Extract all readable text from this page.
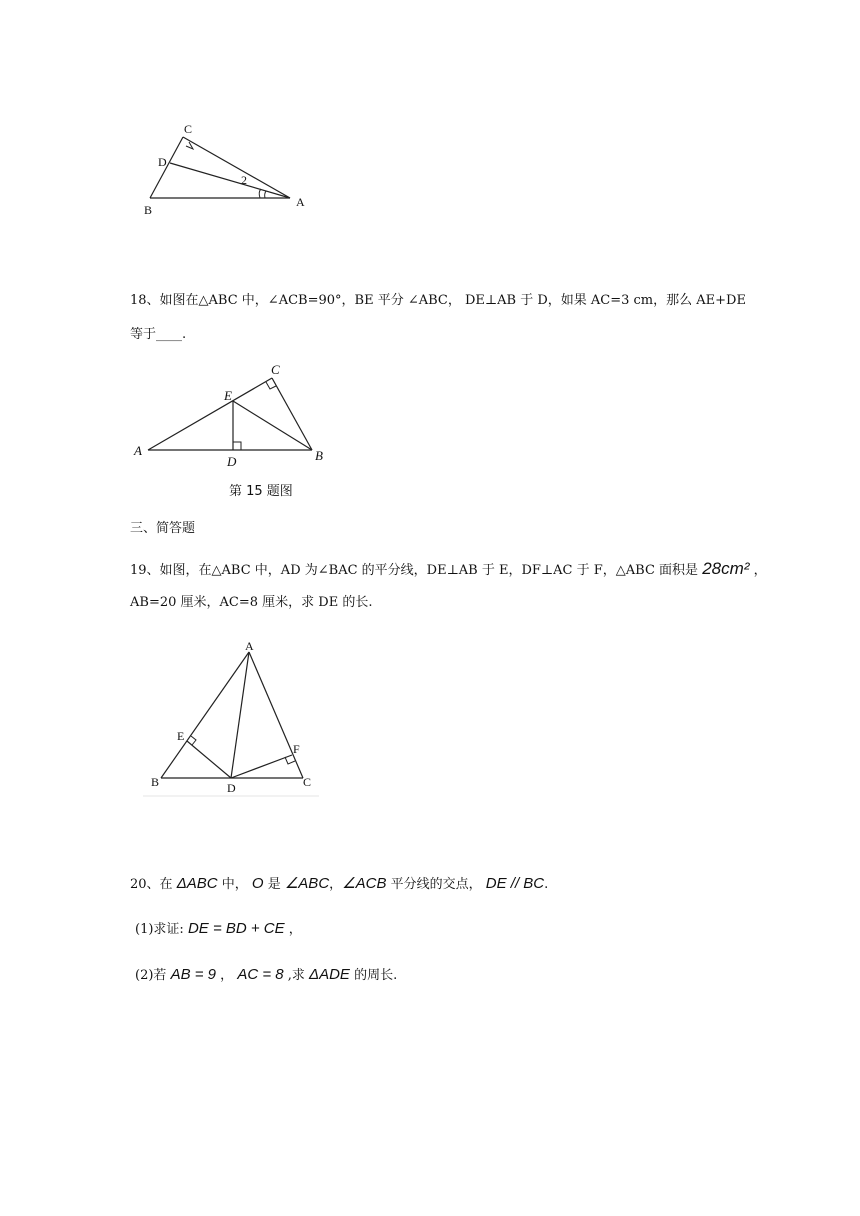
C
D
B
A
2
18、如图在△ABC 中，∠ACB=90°，BE 平分 ∠ABC， DE⊥AB 于 D，如果 AC=3 cm，那么 AE+DE
等于____.
A	B
C
D
E
第 15 题图
三、简答题
19、如图，在△ABC 中，AD 为∠BAC 的平分线，DE⊥AB 于 E，DF⊥AC 于 F，△ABC 面积是 28cm² ，
AB=20 厘米，AC=8 厘米，求 DE 的长.
A
B	C
D
E
F
20、在 ΔABC 中， O 是 ∠ABC，∠ACB 平分线的交点， DE // BC.
(1)求证: DE = BD + CE ，
(2)若 AB = 9 ， AC = 8 ,求 ΔADE 的周长.
